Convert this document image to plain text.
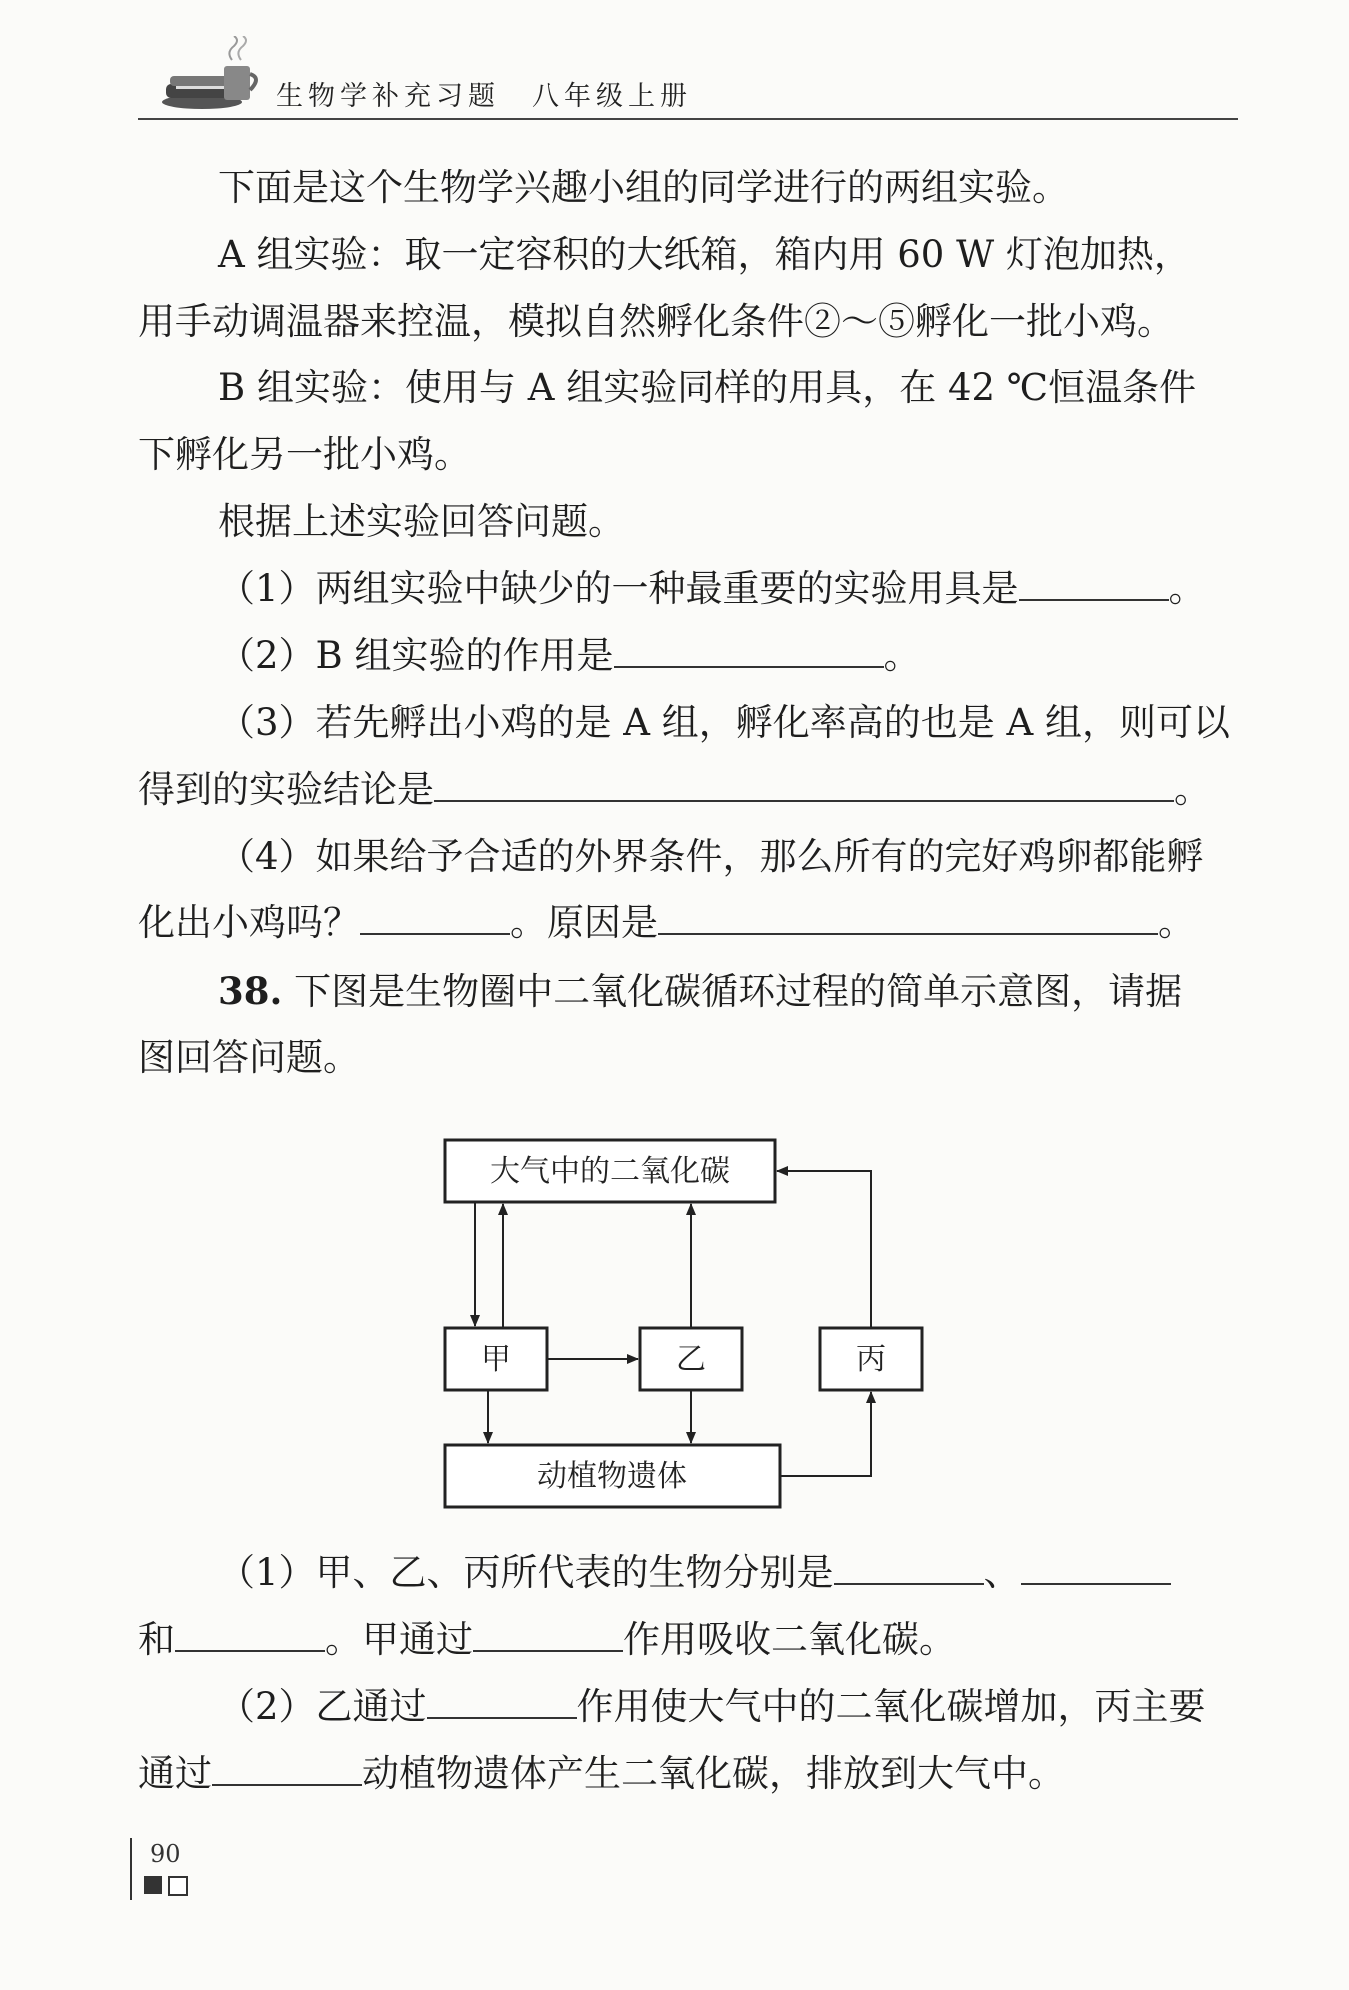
生物学补充习题　八年级上册
下面是这个生物学兴趣小组的同学进行的两组实验。
A 组实验：取一定容积的大纸箱，箱内用 60 W 灯泡加热，
用手动调温器来控温，模拟自然孵化条件②～⑤孵化一批小鸡。
B 组实验：使用与 A 组实验同样的用具，在 42 ℃恒温条件
下孵化另一批小鸡。
根据上述实验回答问题。
（1）两组实验中缺少的一种最重要的实验用具是	。
（2）B 组实验的作用是	。
（3）若先孵出小鸡的是 A 组，孵化率高的也是 A 组，则可以
得到的实验结论是	。
（4）如果给予合适的外界条件，那么所有的完好鸡卵都能孵
化出小鸡吗？	。原因是	。
38. 下图是生物圈中二氧化碳循环过程的简单示意图，请据
图回答问题。
大气中的二氧化碳
甲	乙	丙
动植物遗体
（1）甲、乙、丙所代表的生物分别是	、
和	。甲通过	作用吸收二氧化碳。
（2）乙通过	作用使大气中的二氧化碳增加，丙主要
通过	动植物遗体产生二氧化碳，排放到大气中。
90
